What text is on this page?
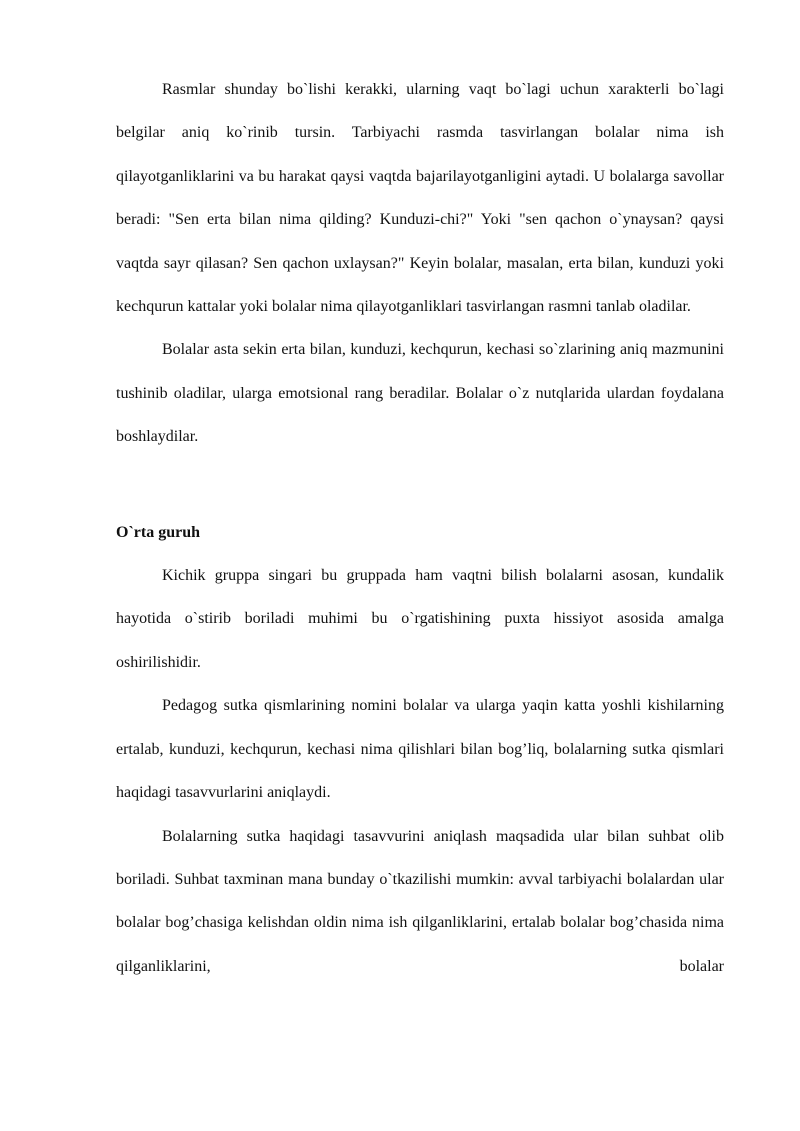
Rasmlar shunday bo`lishi kerakki, ularning vaqt bo`lagi uchun xarakterli bo`lagi belgilar aniq ko`rinib tursin. Tarbiyachi rasmda tasvirlangan bolalar nima ish qilayotganliklarini va bu harakat qaysi vaqtda bajarilayotganligini aytadi. U bolalarga savollar beradi: "Sen erta bilan nima qilding? Kunduzi-chi?" Yoki "sen qachon o`ynaysan? qaysi vaqtda sayr qilasan? Sen qachon uxlaysan?" Keyin bolalar, masalan, erta bilan, kunduzi yoki kechqurun kattalar yoki bolalar nima qilayotganliklari tasvirlangan rasmni tanlab oladilar.

Bolalar asta sekin erta bilan, kunduzi, kechqurun, kechasi so`zlarining aniq mazmunini tushinib oladilar, ularga emotsional rang beradilar. Bolalar o`z nutqlarida ulardan foydalana boshlaydilar.

O`rta guruh

Kichik gruppa singari bu gruppada ham vaqtni bilish bolalarni asosan, kundalik hayotida o`stirib boriladi muhimi bu o`rgatishining puxta hissiyot asosida amalga oshirilishidir.

Pedagog sutka qismlarining nomini bolalar va ularga yaqin katta yoshli kishilarning ertalab, kunduzi, kechqurun, kechasi nima qilishlari bilan bog’liq, bolalarning sutka qismlari haqidagi tasavvurlarini aniqlaydi.

Bolalarning sutka haqidagi tasavvurini aniqlash maqsadida ular bilan suhbat olib boriladi. Suhbat taxminan mana bunday o`tkazilishi mumkin: avval tarbiyachi bolalardan ular bolalar bog’chasiga kelishdan oldin nima ish qilganliklarini, ertalab bolalar bog’chasida nima qilganliklarini, bolalar
